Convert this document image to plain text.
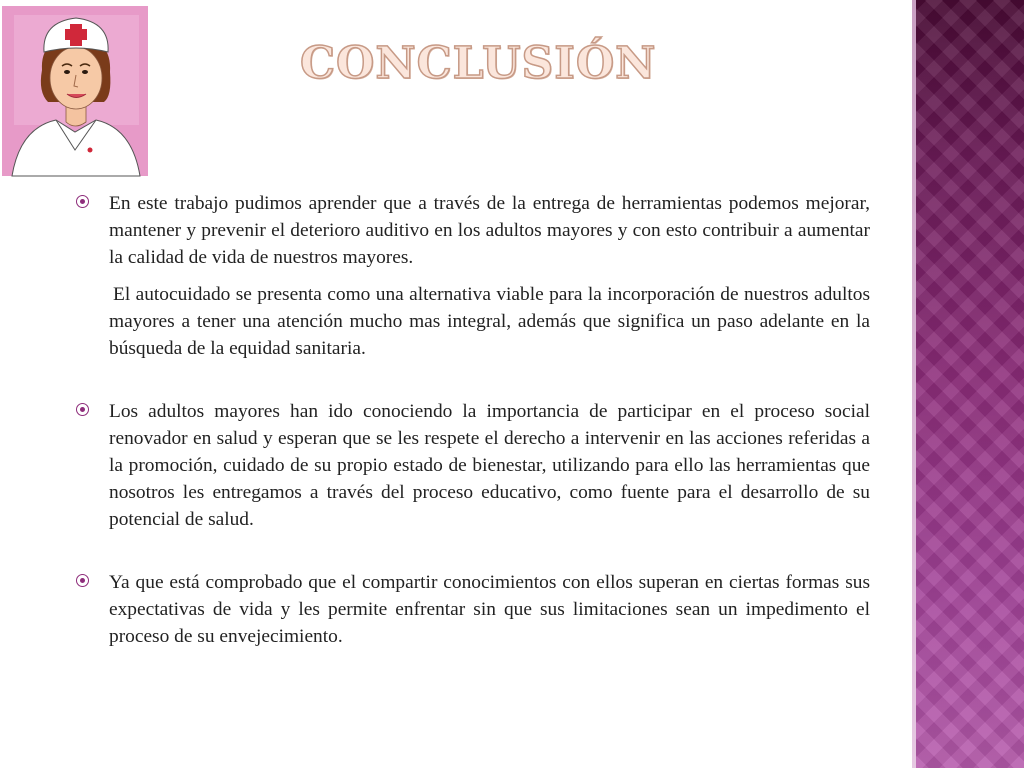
CONCLUSIÓN

En este trabajo pudimos aprender que a través de la entrega de herramientas podemos mejorar, mantener y prevenir el deterioro auditivo en los adultos mayores y con esto contribuir a aumentar la calidad de vida de nuestros mayores.

El autocuidado se presenta como una alternativa viable para la incorporación de nuestros adultos mayores a tener una atención mucho mas integral, además que significa un paso adelante en la búsqueda de la equidad sanitaria.

Los adultos mayores han ido conociendo la importancia de participar en el proceso social renovador en salud y esperan que se les respete el derecho a intervenir en las acciones referidas a la promoción, cuidado de su propio estado de bienestar, utilizando para ello las herramientas que nosotros les entregamos a través del proceso educativo, como fuente para el desarrollo de su potencial de salud.

Ya que está comprobado que el compartir conocimientos con ellos superan en ciertas formas sus expectativas de vida y les permite enfrentar sin que sus limitaciones sean un impedimento el proceso de su envejecimiento.
